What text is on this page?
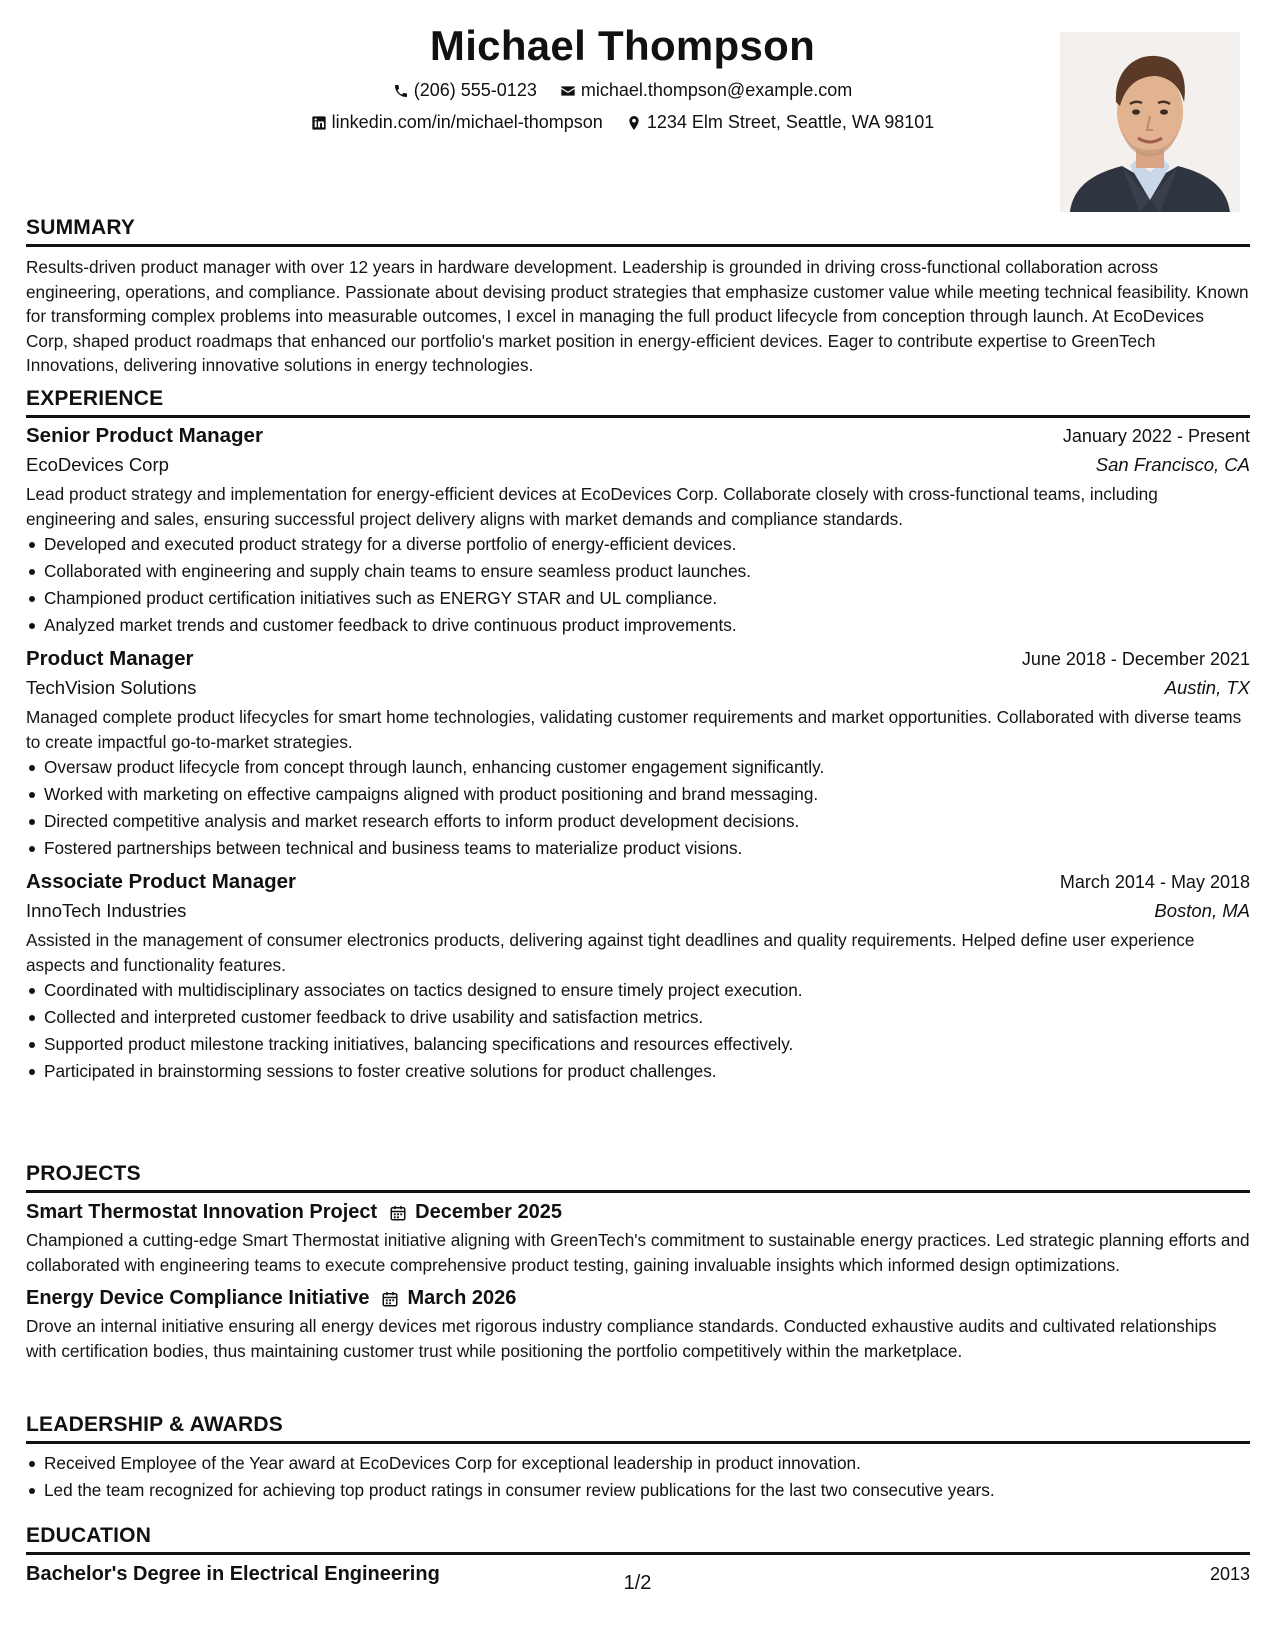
Michael Thompson
(206) 555-0123
michael.thompson@example.com
linkedin.com/in/michael-thompson
1234 Elm Street, Seattle, WA 98101
SUMMARY
Results-driven product manager with over 12 years in hardware development. Leadership is grounded in driving cross-functional collaboration across engineering, operations, and compliance. Passionate about devising product strategies that emphasize customer value while meeting technical feasibility. Known for transforming complex problems into measurable outcomes, I excel in managing the full product lifecycle from conception through launch. At EcoDevices Corp, shaped product roadmaps that enhanced our portfolio's market position in energy-efficient devices. Eager to contribute expertise to GreenTech Innovations, delivering innovative solutions in energy technologies.
EXPERIENCE
Senior Product Manager	January 2022 - Present
EcoDevices Corp	San Francisco, CA
Lead product strategy and implementation for energy-efficient devices at EcoDevices Corp. Collaborate closely with cross-functional teams, including engineering and sales, ensuring successful project delivery aligns with market demands and compliance standards.
Developed and executed product strategy for a diverse portfolio of energy-efficient devices.
Collaborated with engineering and supply chain teams to ensure seamless product launches.
Championed product certification initiatives such as ENERGY STAR and UL compliance.
Analyzed market trends and customer feedback to drive continuous product improvements.
Product Manager	June 2018 - December 2021
TechVision Solutions	Austin, TX
Managed complete product lifecycles for smart home technologies, validating customer requirements and market opportunities. Collaborated with diverse teams to create impactful go-to-market strategies.
Oversaw product lifecycle from concept through launch, enhancing customer engagement significantly.
Worked with marketing on effective campaigns aligned with product positioning and brand messaging.
Directed competitive analysis and market research efforts to inform product development decisions.
Fostered partnerships between technical and business teams to materialize product visions.
Associate Product Manager	March 2014 - May 2018
InnoTech Industries	Boston, MA
Assisted in the management of consumer electronics products, delivering against tight deadlines and quality requirements. Helped define user experience aspects and functionality features.
Coordinated with multidisciplinary associates on tactics designed to ensure timely project execution.
Collected and interpreted customer feedback to drive usability and satisfaction metrics.
Supported product milestone tracking initiatives, balancing specifications and resources effectively.
Participated in brainstorming sessions to foster creative solutions for product challenges.
PROJECTS
Smart Thermostat Innovation Project December 2025
Championed a cutting-edge Smart Thermostat initiative aligning with GreenTech's commitment to sustainable energy practices. Led strategic planning efforts and collaborated with engineering teams to execute comprehensive product testing, gaining invaluable insights which informed design optimizations.
Energy Device Compliance Initiative March 2026
Drove an internal initiative ensuring all energy devices met rigorous industry compliance standards. Conducted exhaustive audits and cultivated relationships with certification bodies, thus maintaining customer trust while positioning the portfolio competitively within the marketplace.
LEADERSHIP & AWARDS
Received Employee of the Year award at EcoDevices Corp for exceptional leadership in product innovation.
Led the team recognized for achieving top product ratings in consumer review publications for the last two consecutive years.
EDUCATION
Bachelor's Degree in Electrical Engineering	2013
1/2
